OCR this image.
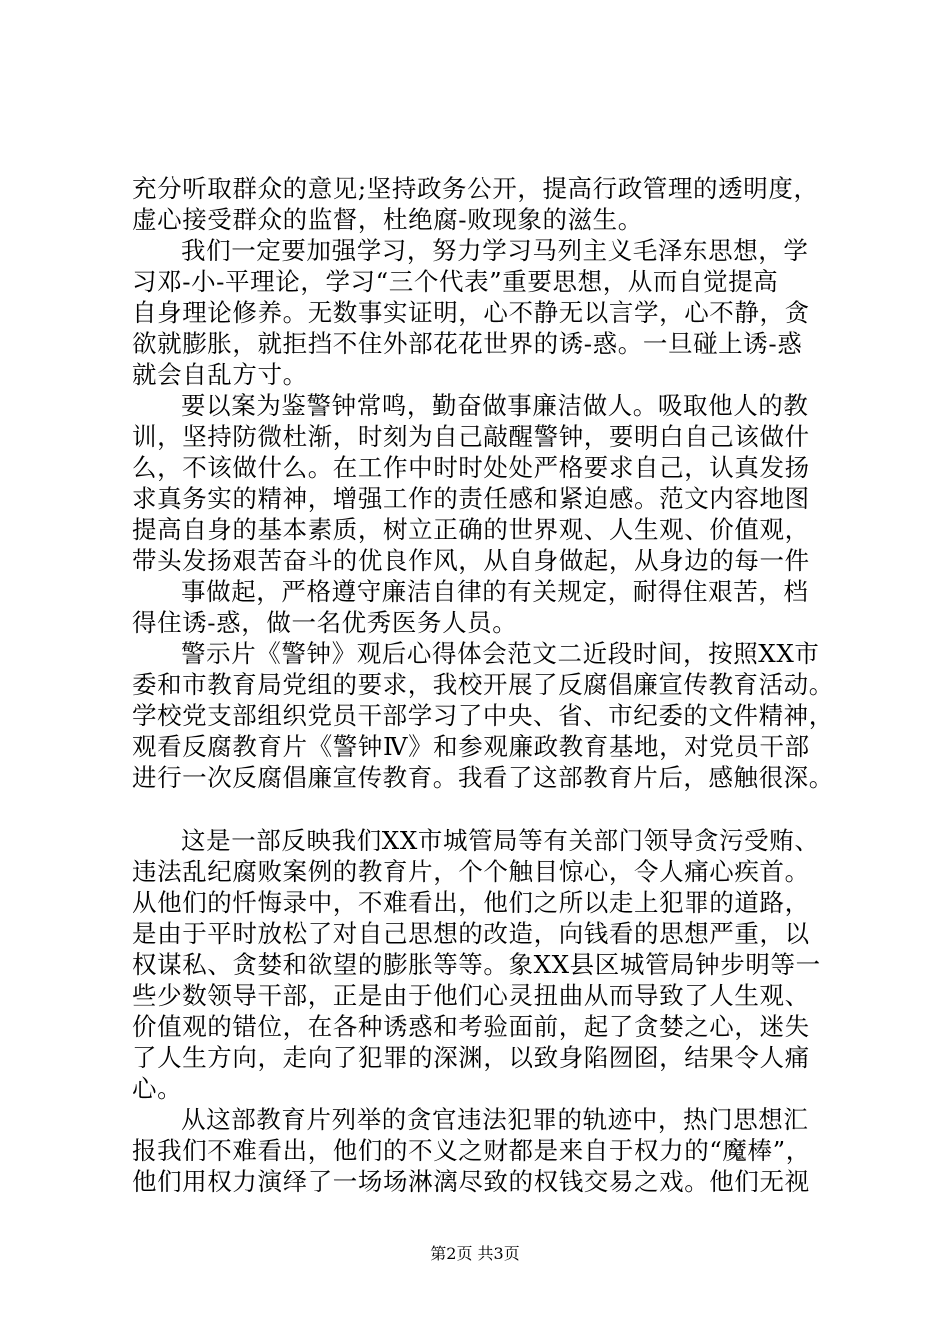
充分听取群众的意见;坚持政务公开，提高行政管理的透明度，
虚心接受群众的监督，杜绝腐-败现象的滋生。
我们一定要加强学习，努力学习马列主义毛泽东思想，学
习邓-小-平理论，学习“三个代表”重要思想，从而自觉提高
自身理论修养。无数事实证明，心不静无以言学，心不静，贪
欲就膨胀，就拒挡不住外部花花世界的诱-惑。一旦碰上诱-惑
就会自乱方寸。
要以案为鉴警钟常鸣，勤奋做事廉洁做人。吸取他人的教
训，坚持防微杜渐，时刻为自己敲醒警钟，要明白自己该做什
么，不该做什么。在工作中时时处处严格要求自己，认真发扬
求真务实的精神，增强工作的责任感和紧迫感。范文内容地图
提高自身的基本素质，树立正确的世界观、人生观、价值观，
带头发扬艰苦奋斗的优良作风，从自身做起，从身边的每一件
事做起，严格遵守廉洁自律的有关规定，耐得住艰苦，档
得住诱-惑，做一名优秀医务人员。
警示片《警钟》观后心得体会范文二近段时间，按照XX市
委和市教育局党组的要求，我校开展了反腐倡廉宣传教育活动。
学校党支部组织党员干部学习了中央、省、市纪委的文件精神，
观看反腐教育片《警钟Ⅳ》和参观廉政教育基地，对党员干部
进行一次反腐倡廉宣传教育。我看了这部教育片后，感触很深。
这是一部反映我们XX市城管局等有关部门领导贪污受贿、
违法乱纪腐败案例的教育片，个个触目惊心，令人痛心疾首。
从他们的忏悔录中，不难看出，他们之所以走上犯罪的道路，
是由于平时放松了对自己思想的改造，向钱看的思想严重，以
权谋私、贪婪和欲望的膨胀等等。象XX县区城管局钟步明等一
些少数领导干部，正是由于他们心灵扭曲从而导致了人生观、
价值观的错位，在各种诱惑和考验面前，起了贪婪之心，迷失
了人生方向，走向了犯罪的深渊，以致身陷囫囵，结果令人痛
心。
从这部教育片列举的贪官违法犯罪的轨迹中，热门思想汇
报我们不难看出，他们的不义之财都是来自于权力的“魔棒”，
他们用权力演绎了一场场淋漓尽致的权钱交易之戏。他们无视
第2页 共3页
